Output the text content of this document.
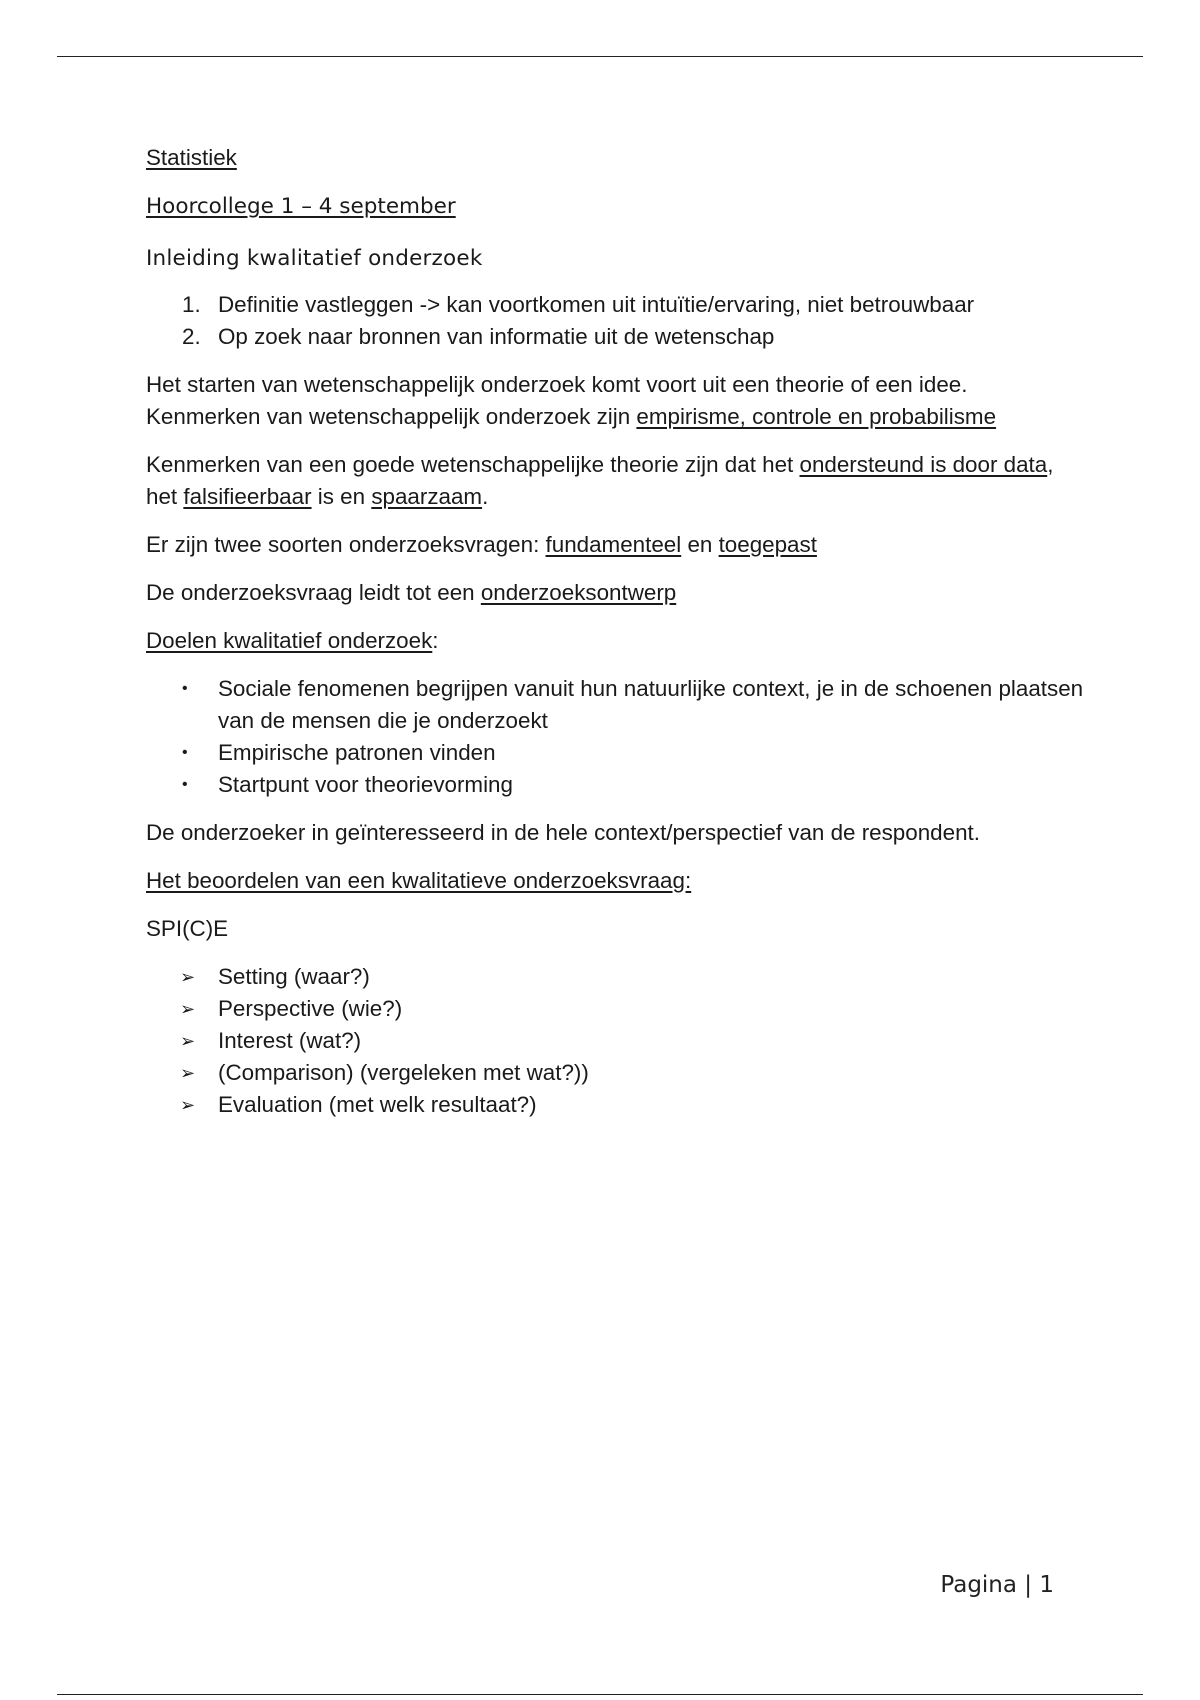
Statistiek

Hoorcollege 1 – 4 september

Inleiding kwalitatief onderzoek

1. Definitie vastleggen -> kan voortkomen uit intuïtie/ervaring, niet betrouwbaar
2. Op zoek naar bronnen van informatie uit de wetenschap

Het starten van wetenschappelijk onderzoek komt voort uit een theorie of een idee.
Kenmerken van wetenschappelijk onderzoek zijn empirisme, controle en probabilisme

Kenmerken van een goede wetenschappelijke theorie zijn dat het ondersteund is door data, het falsifieerbaar is en spaarzaam.

Er zijn twee soorten onderzoeksvragen: fundamenteel en toegepast

De onderzoeksvraag leidt tot een onderzoeksontwerp

Doelen kwalitatief onderzoek:

•	Sociale fenomenen begrijpen vanuit hun natuurlijke context, je in de schoenen plaatsen van de mensen die je onderzoekt
•	Empirische patronen vinden
•	Startpunt voor theorievorming

De onderzoeker in geïnteresseerd in de hele context/perspectief van de respondent.

Het beoordelen van een kwalitatieve onderzoeksvraag:

SPI(C)E

➢	Setting (waar?)
➢	Perspective (wie?)
➢	Interest (wat?)
➢	(Comparison) (vergeleken met wat?))
➢	Evaluation (met welk resultaat?)
Pagina | 1
